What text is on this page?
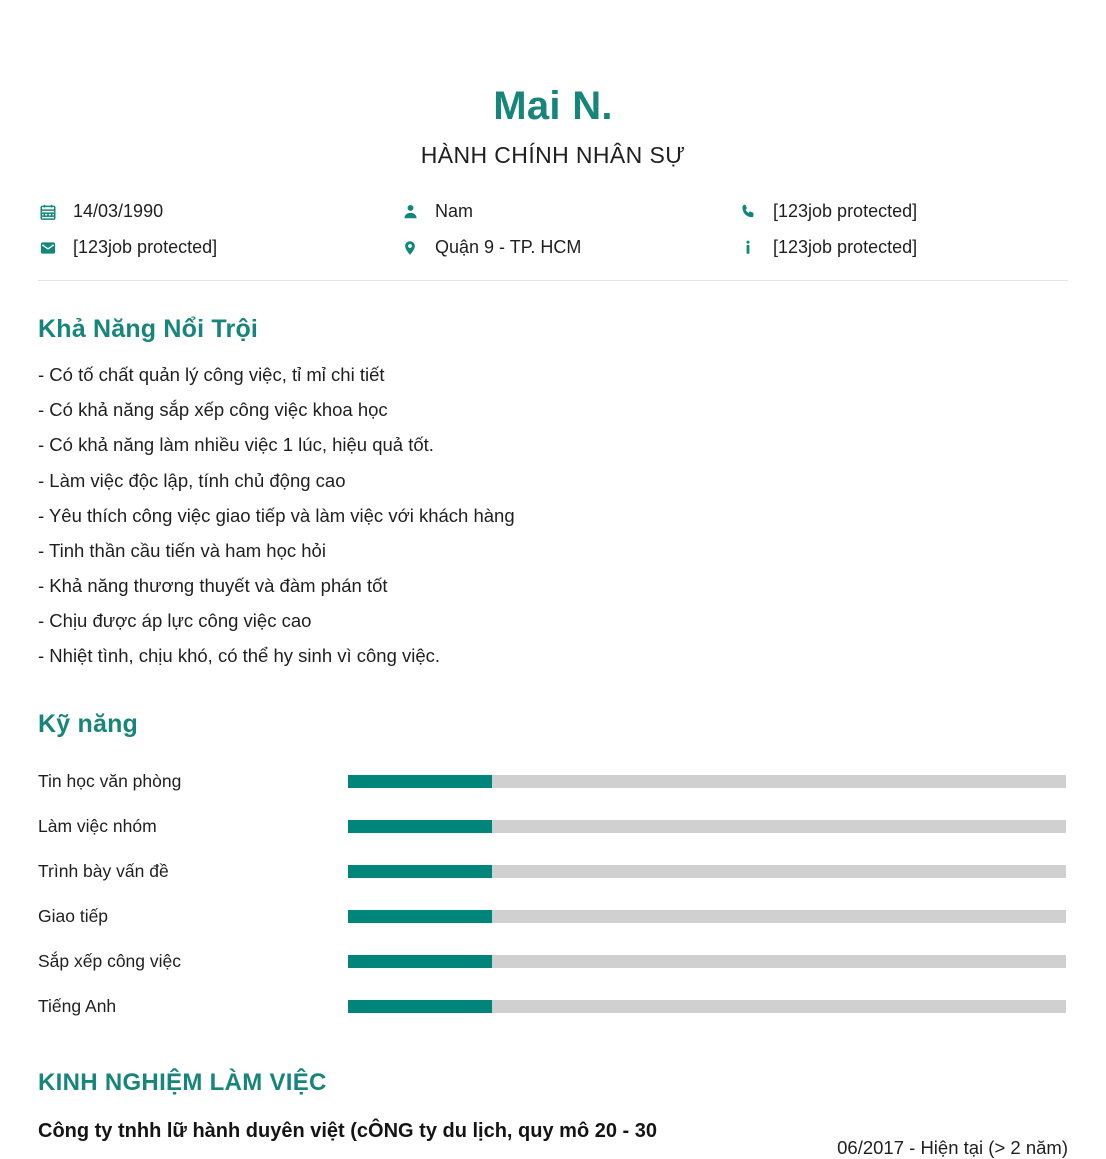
Mai N.
HÀNH CHÍNH NHÂN SỰ
14/03/1990	Nam	[123job protected]
[123job protected]	Quận 9 - TP. HCM	[123job protected]
Khả Năng Nổi Trội
- Có tố chất quản lý công việc, tỉ mỉ chi tiết
- Có khả năng sắp xếp công việc khoa học
- Có khả năng làm nhiều việc 1 lúc, hiệu quả tốt.
- Làm việc độc lập, tính chủ động cao
- Yêu thích công việc giao tiếp và làm việc với khách hàng
- Tinh thần cầu tiến và ham học hỏi
- Khả năng thương thuyết và đàm phán tốt
- Chịu được áp lực công việc cao
- Nhiệt tình, chịu khó, có thể hy sinh vì công việc.
Kỹ năng
Tin học văn phòng
Làm việc nhóm
Trình bày vấn đề
Giao tiếp
Sắp xếp công việc
Tiếng Anh
KINH NGHIỆM LÀM VIỆC
Công ty tnhh lữ hành duyên việt (cÔNG ty du lịch, quy mô 20 - 30
06/2017 - Hiện tại (> 2 năm)
